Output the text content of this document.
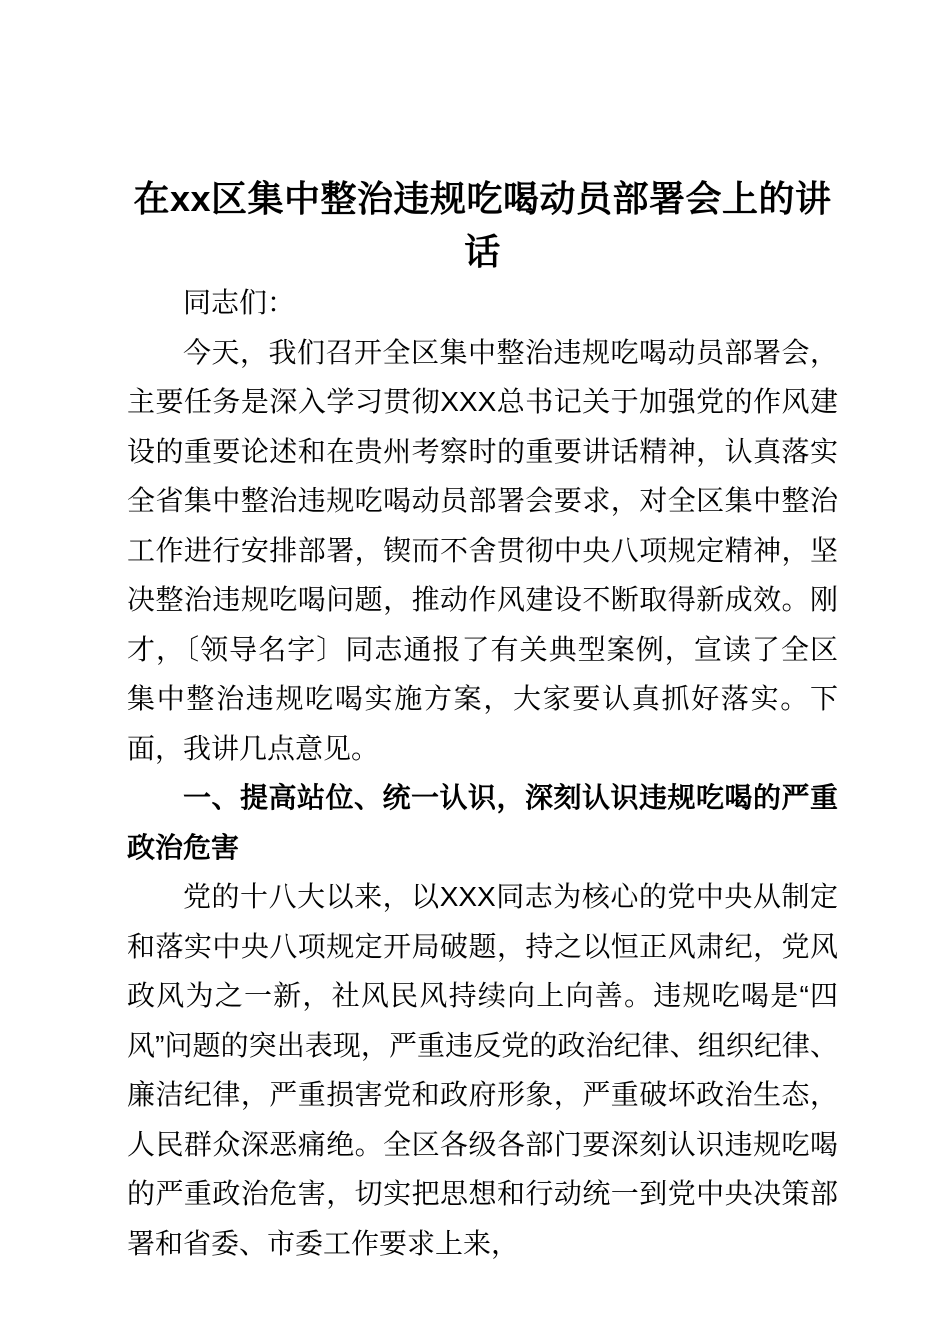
在xx区集中整治违规吃喝动员部署会上的讲话

同志们：

今天，我们召开全区集中整治违规吃喝动员部署会，主要任务是深入学习贯彻XXX总书记关于加强党的作风建设的重要论述和在贵州考察时的重要讲话精神，认真落实全省集中整治违规吃喝动员部署会要求，对全区集中整治工作进行安排部署，锲而不舍贯彻中央八项规定精神，坚决整治违规吃喝问题，推动作风建设不断取得新成效。刚才，〔领导名字〕同志通报了有关典型案例，宣读了全区集中整治违规吃喝实施方案，大家要认真抓好落实。下面，我讲几点意见。

一、提高站位、统一认识，深刻认识违规吃喝的严重政治危害

党的十八大以来，以XXX同志为核心的党中央从制定和落实中央八项规定开局破题，持之以恒正风肃纪，党风政风为之一新，社风民风持续向上向善。违规吃喝是“四风”问题的突出表现，严重违反党的政治纪律、组织纪律、廉洁纪律，严重损害党和政府形象，严重破坏政治生态，人民群众深恶痛绝。全区各级各部门要深刻认识违规吃喝的严重政治危害，切实把思想和行动统一到党中央决策部署和省委、市委工作要求上来，
